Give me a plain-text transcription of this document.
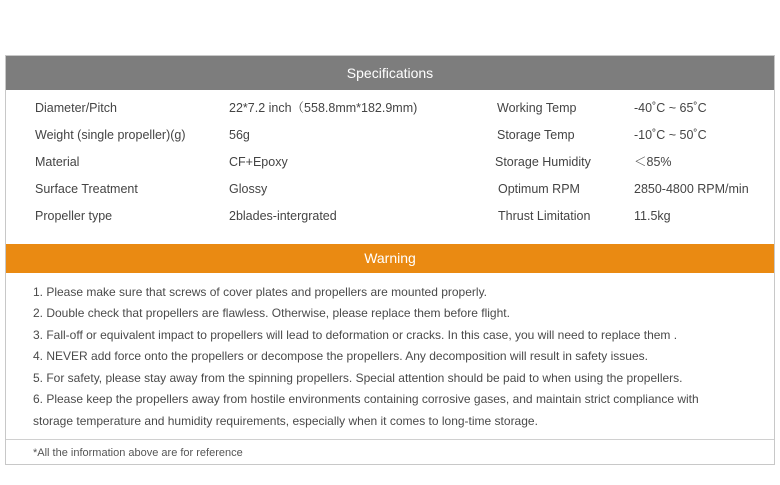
Specifications
Diameter/Pitch	22*7.2 inch（558.8mm*182.9mm)	Working Temp	-40˚C ~ 65˚C
Weight (single propeller)(g)	56g	Storage Temp	-10˚C ~ 50˚C
Material	CF+Epoxy	Storage Humidity	＜85%
Surface Treatment	Glossy	Optimum RPM	2850-4800 RPM/min
Propeller type	2blades-intergrated	Thrust Limitation	11.5kg
Warning
1. Please make sure that screws of cover plates and propellers are mounted properly.
2. Double check that propellers are flawless. Otherwise, please replace them before flight.
3. Fall-off or equivalent impact to propellers will lead to deformation or cracks. In this case, you will need to replace them .
4. NEVER add force onto the propellers or decompose the propellers. Any decomposition will result in safety issues.
5. For safety, please stay away from the spinning propellers. Special attention should be paid to when using the propellers.
6. Please keep the propellers away from hostile environments containing corrosive gases, and maintain strict compliance with
storage temperature and humidity requirements, especially when it comes to long-time storage.
*All the information above are for reference
